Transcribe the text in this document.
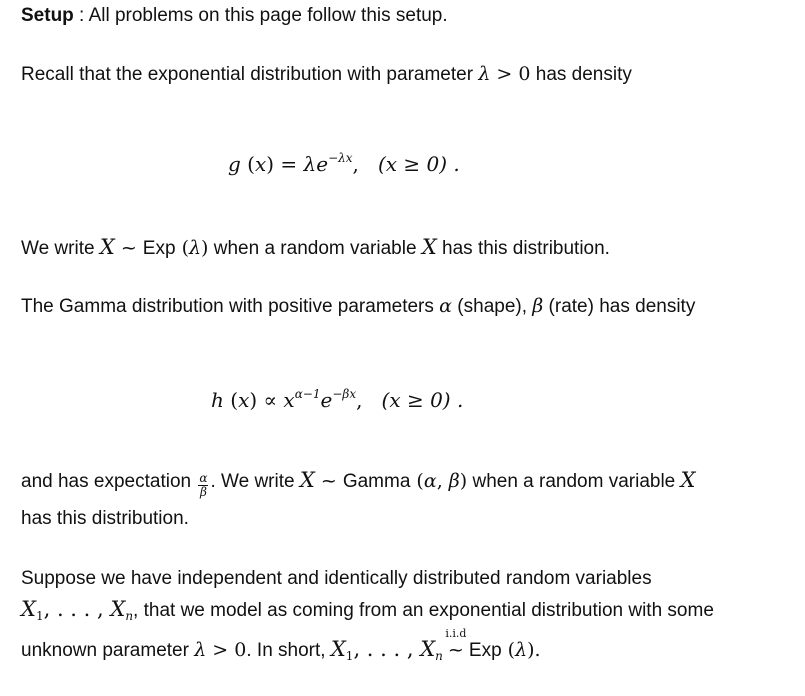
Setup : All problems on this page follow this setup.
Recall that the exponential distribution with parameter λ > 0 has density
g $(x) = \lambda e^{-\lambda x}$,   (x ≥ 0) .
We write X ~ Exp (λ) when a random variable X has this distribution.
The Gamma distribution with positive parameters α (shape), β (rate) has density
h $(x) \propto x^{\alpha-1}e^{-\beta x}$,   (x ≥ 0) .
and has expectation $\frac{\alpha}{\beta}$ . We write X ~ Gamma (α, β) when a random variable X
has this distribution.
Suppose we have independent and identically distributed random variables
$X_1$, . . . , $X_n$, that we model as coming from an exponential distribution with some
unknown parameter λ > 0. In short, $X_1$, . . . , $X_n$
i.i.d
~ Exp (λ).
